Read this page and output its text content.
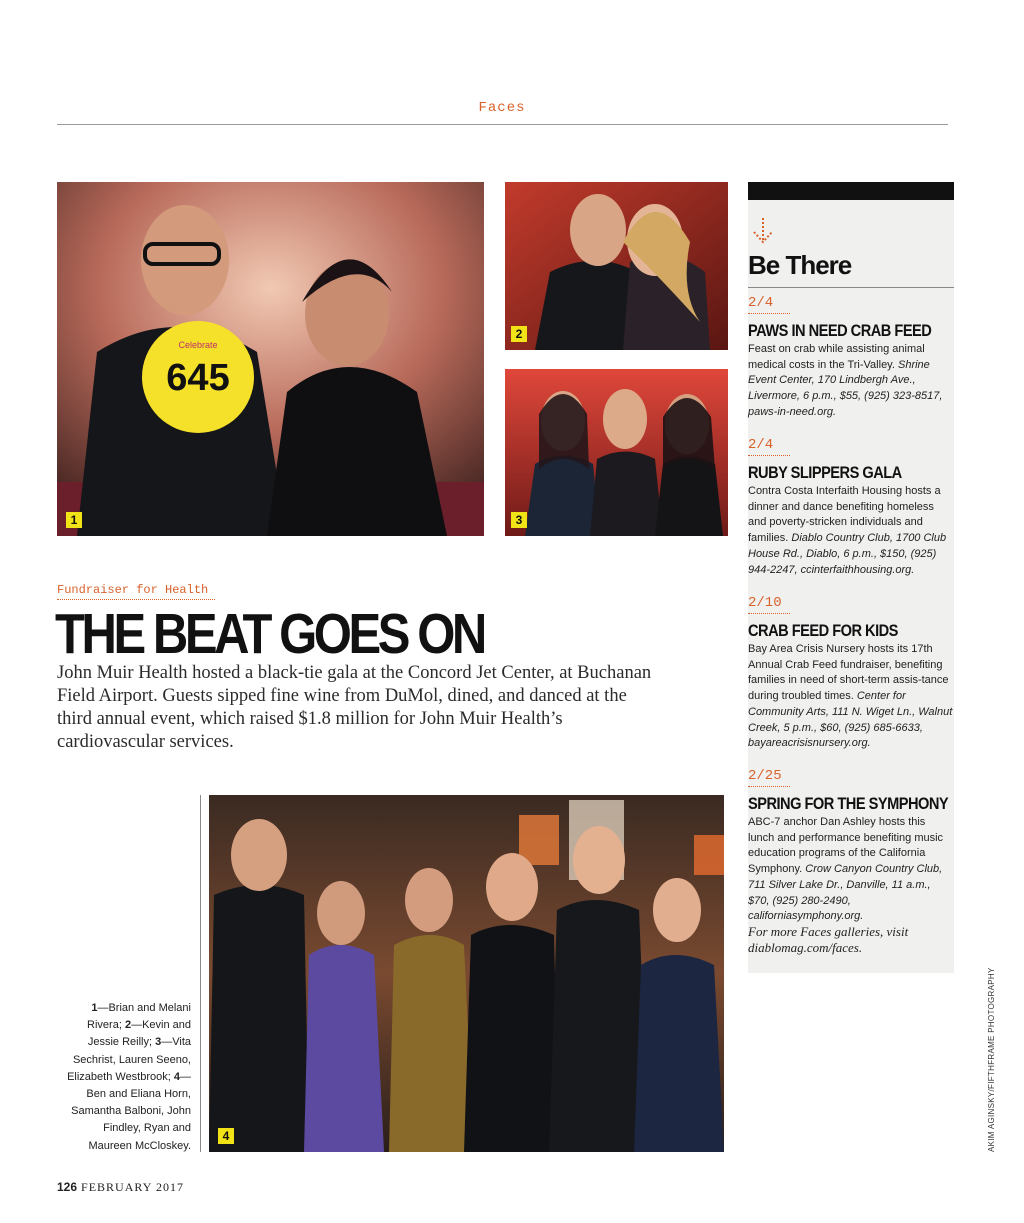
Faces
645
Celebrate
1
2
3
Fundraiser for Health
THE BEAT GOES ON
John Muir Health hosted a black-tie gala at the Concord Jet Center, at Buchanan Field Airport. Guests sipped fine wine from DuMol, dined, and danced at the third annual event, which raised $1.8 million for John Muir Health’s cardiovascular services.
4
1—Brian and Melani Rivera; 2—Kevin and Jessie Reilly; 3—Vita Sechrist, Lauren Seeno, Elizabeth Westbrook; 4—Ben and Eliana Horn, Samantha Balboni, John Findley, Ryan and Maureen McCloskey.
126 FEBRUARY 2017
AKIM AGINSKY/FIFTHFRAME PHOTOGRAPHY
Be There
2/4
PAWS IN NEED CRAB FEED
Feast on crab while assisting animal medical costs in the Tri-Valley. Shrine Event Center, 170 Lindbergh Ave., Livermore, 6 p.m., $55, (925) 323-8517, paws-in-need.org.
2/4
RUBY SLIPPERS GALA
Contra Costa Interfaith Housing hosts a dinner and dance benefiting homeless and poverty-stricken individuals and families. Diablo Country Club, 1700 Club House Rd., Diablo, 6 p.m., $150, (925) 944-2247, ccinterfaithhousing.org.
2/10
CRAB FEED FOR KIDS
Bay Area Crisis Nursery hosts its 17th Annual Crab Feed fundraiser, benefiting families in need of short-term assis-tance during troubled times. Center for Community Arts, 111 N. Wiget Ln., Walnut Creek, 5 p.m., $60, (925) 685-6633, bayareacrisisnursery.org.
2/25
SPRING FOR THE SYMPHONY
ABC-7 anchor Dan Ashley hosts this lunch and performance benefiting music education programs of the California Symphony. Crow Canyon Country Club, 711 Silver Lake Dr., Danville, 11 a.m., $70, (925) 280-2490, californiasymphony.org.
For more Faces galleries, visit diablomag.com/faces.
